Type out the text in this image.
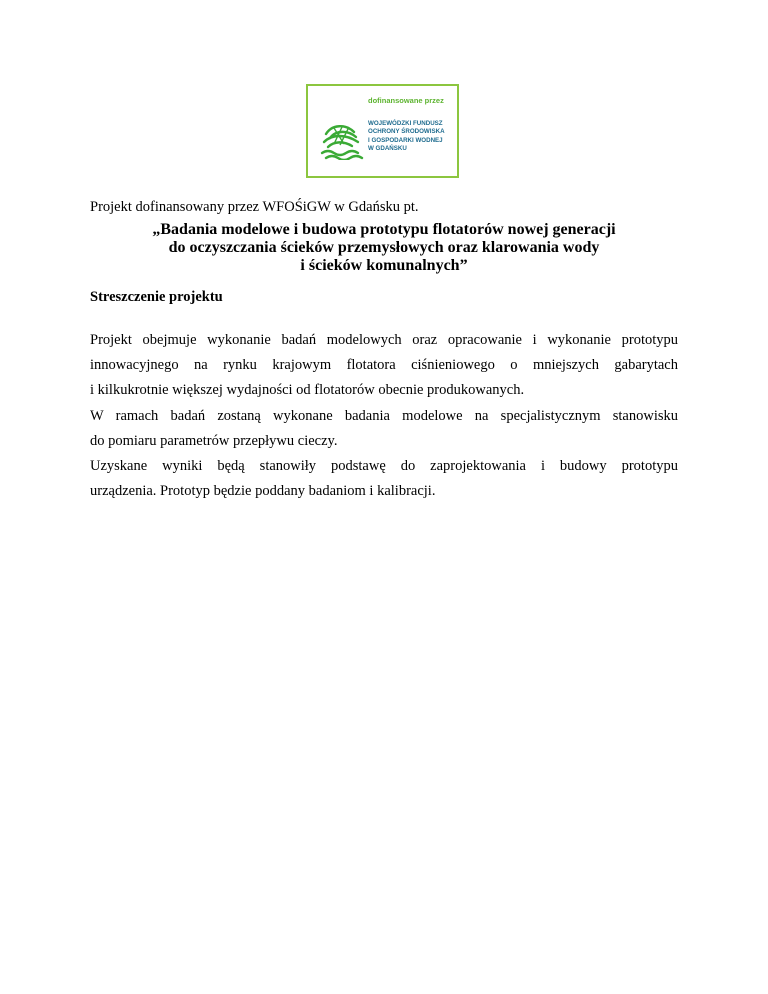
dofinansowane przez
WOJEWÓDZKI FUNDUSZ
OCHRONY ŚRODOWISKA
I GOSPODARKI WODNEJ
W GDAŃSKU
Projekt dofinansowany przez WFOŚiGW w Gdańsku pt.
„Badania modelowe i budowa prototypu flotatorów nowej generacji
do oczyszczania ścieków przemysłowych oraz klarowania wody
i ścieków komunalnych”
Streszczenie projektu
Projekt obejmuje wykonanie badań modelowych oraz opracowanie i wykonanie prototypu
innowacyjnego na rynku krajowym flotatora ciśnieniowego o mniejszych gabarytach
i kilkukrotnie większej wydajności od flotatorów obecnie produkowanych.
W ramach badań zostaną wykonane badania modelowe na specjalistycznym stanowisku
do pomiaru parametrów przepływu cieczy.
Uzyskane wyniki będą stanowiły podstawę do zaprojektowania i budowy prototypu
urządzenia. Prototyp będzie poddany badaniom i kalibracji.
